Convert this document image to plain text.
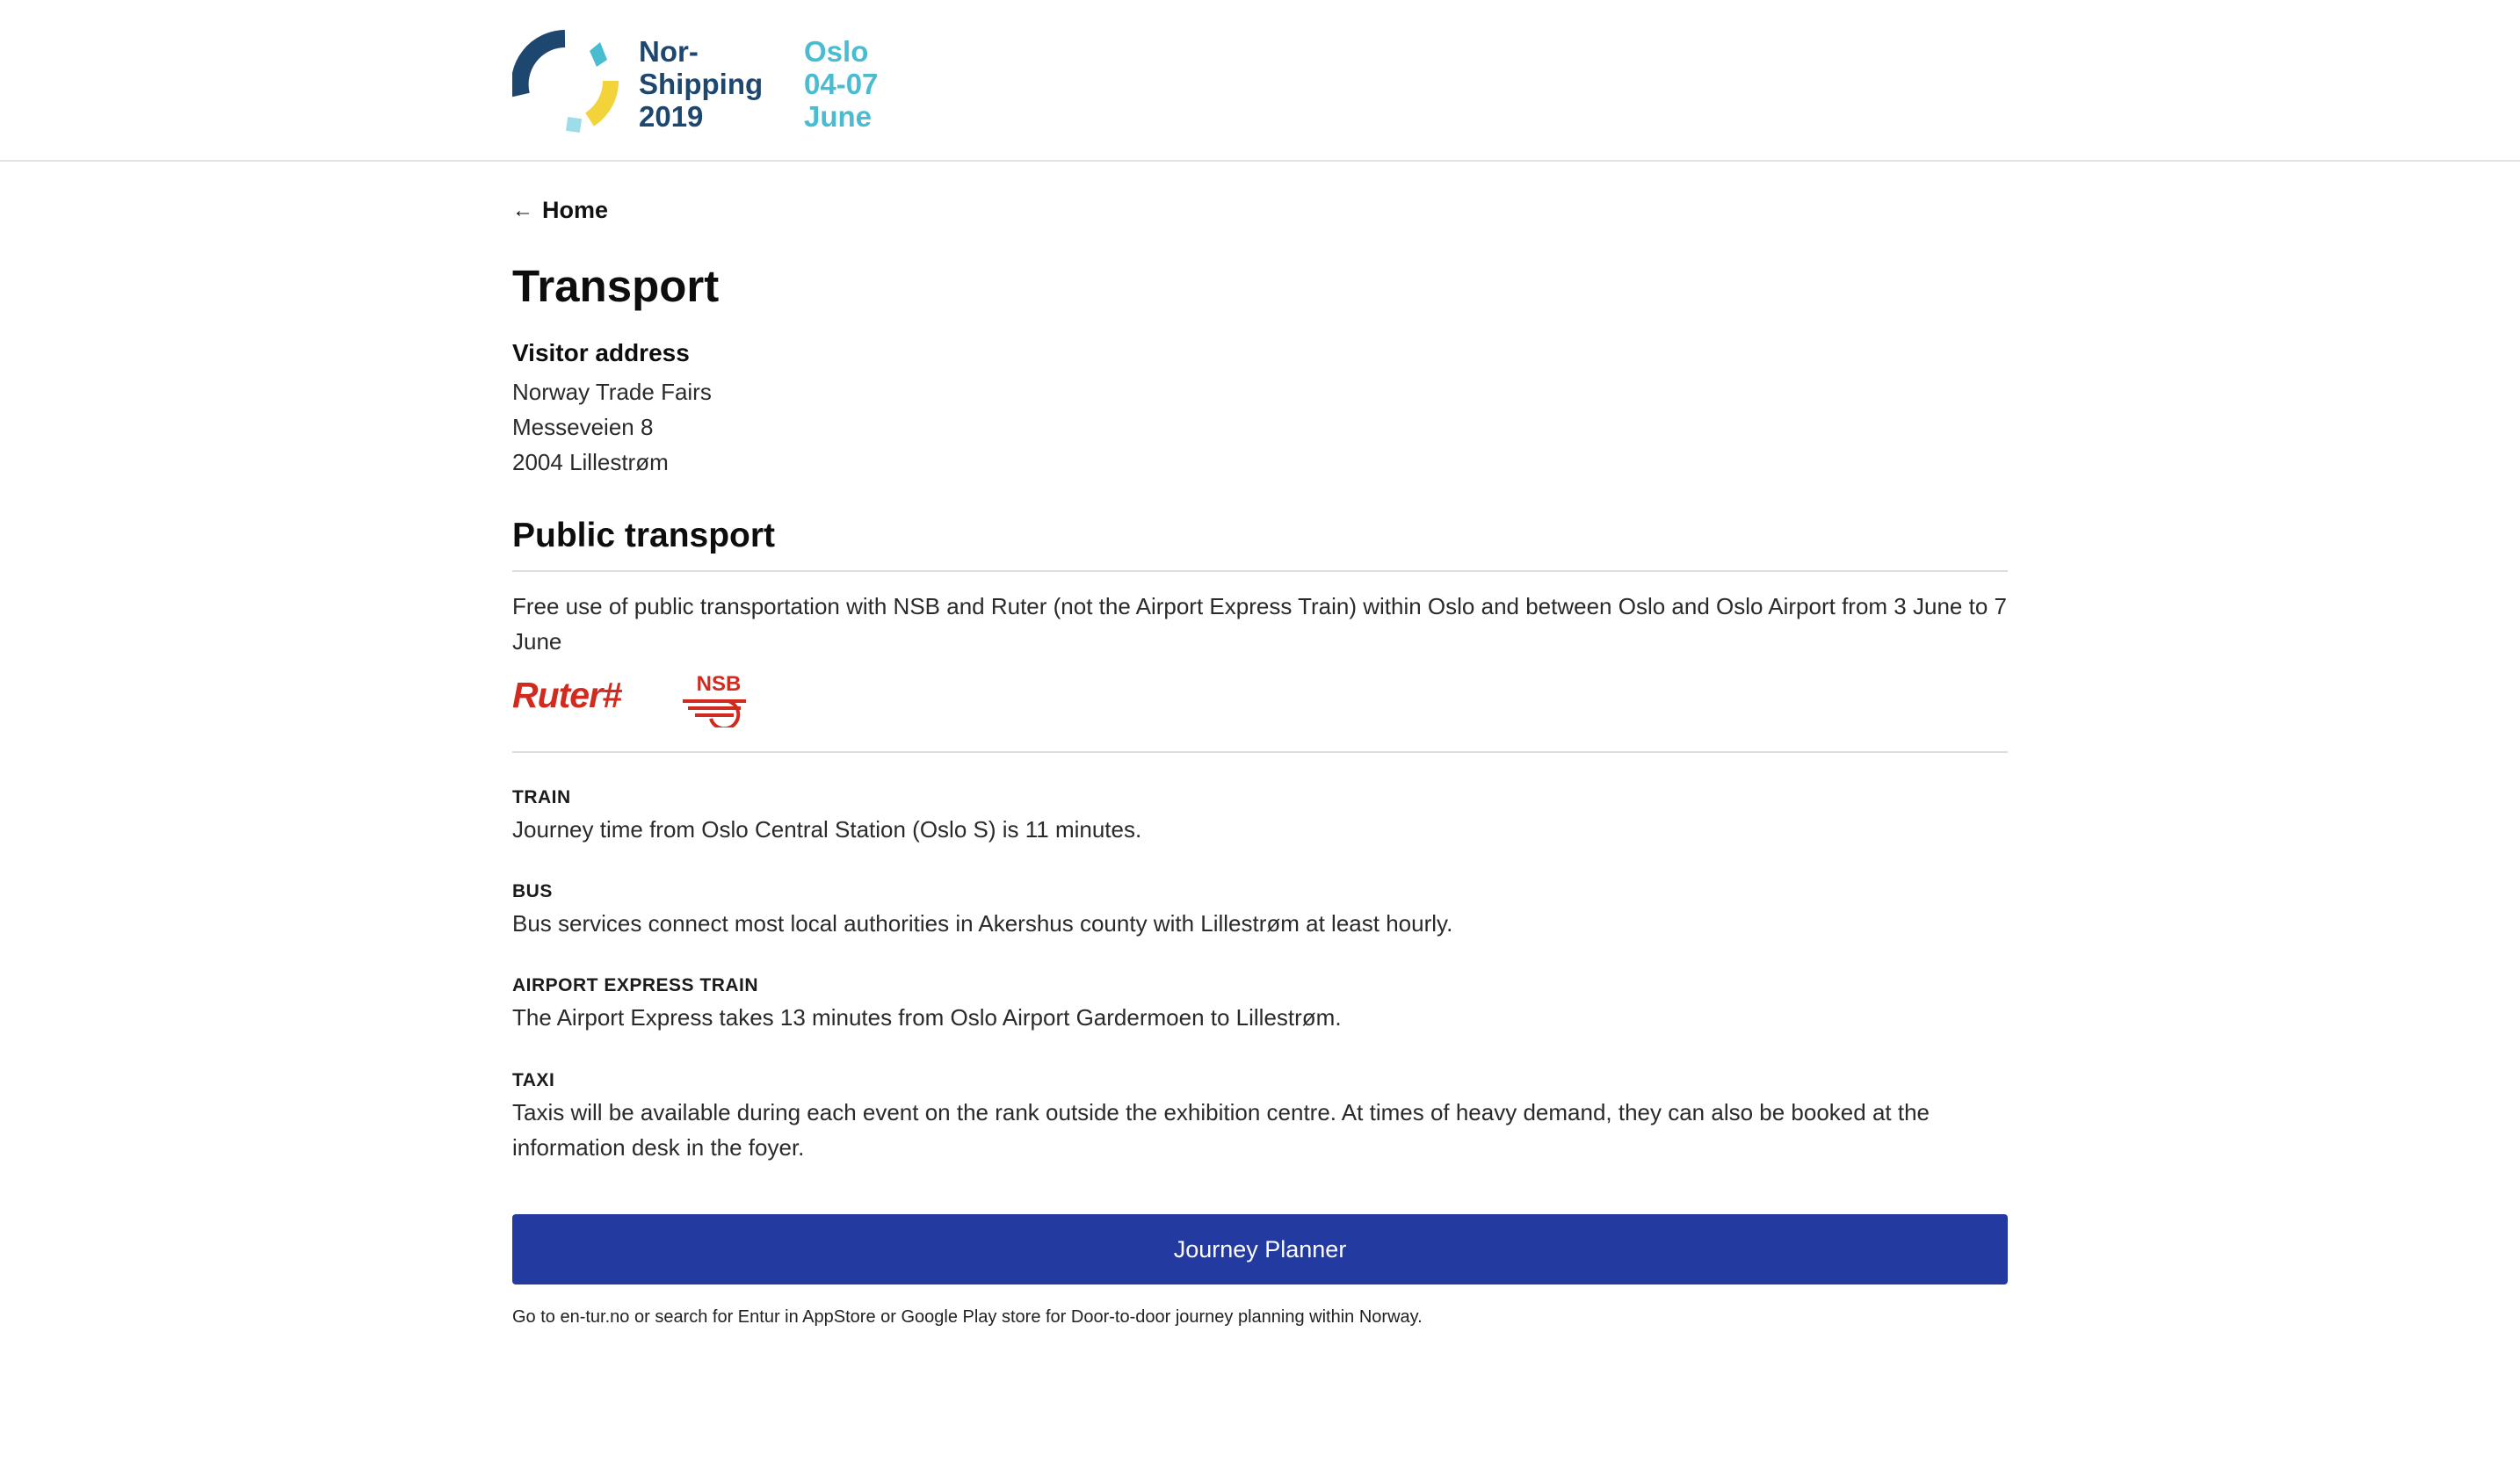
Nor-
Shipping
2019
Oslo
04-07
June
← Home
Transport
Visitor address
Norway Trade Fairs
Messeveien 8
2004 Lillestrøm
Public transport
Free use of public transportation with NSB and Ruter (not the Airport Express Train) within Oslo and between Oslo and Oslo Airport from 3 June to 7 June
Ruter#	NSB
TRAIN
Journey time from Oslo Central Station (Oslo S) is 11 minutes.
BUS
Bus services connect most local authorities in Akershus county with Lillestrøm at least hourly.
AIRPORT EXPRESS TRAIN
The Airport Express takes 13 minutes from Oslo Airport Gardermoen to Lillestrøm.
TAXI
Taxis will be available during each event on the rank outside the exhibition centre. At times of heavy demand, they can also be booked at the information desk in the foyer.
Journey Planner
Go to en-tur.no or search for Entur in AppStore or Google Play store for Door-to-door journey planning within Norway.
